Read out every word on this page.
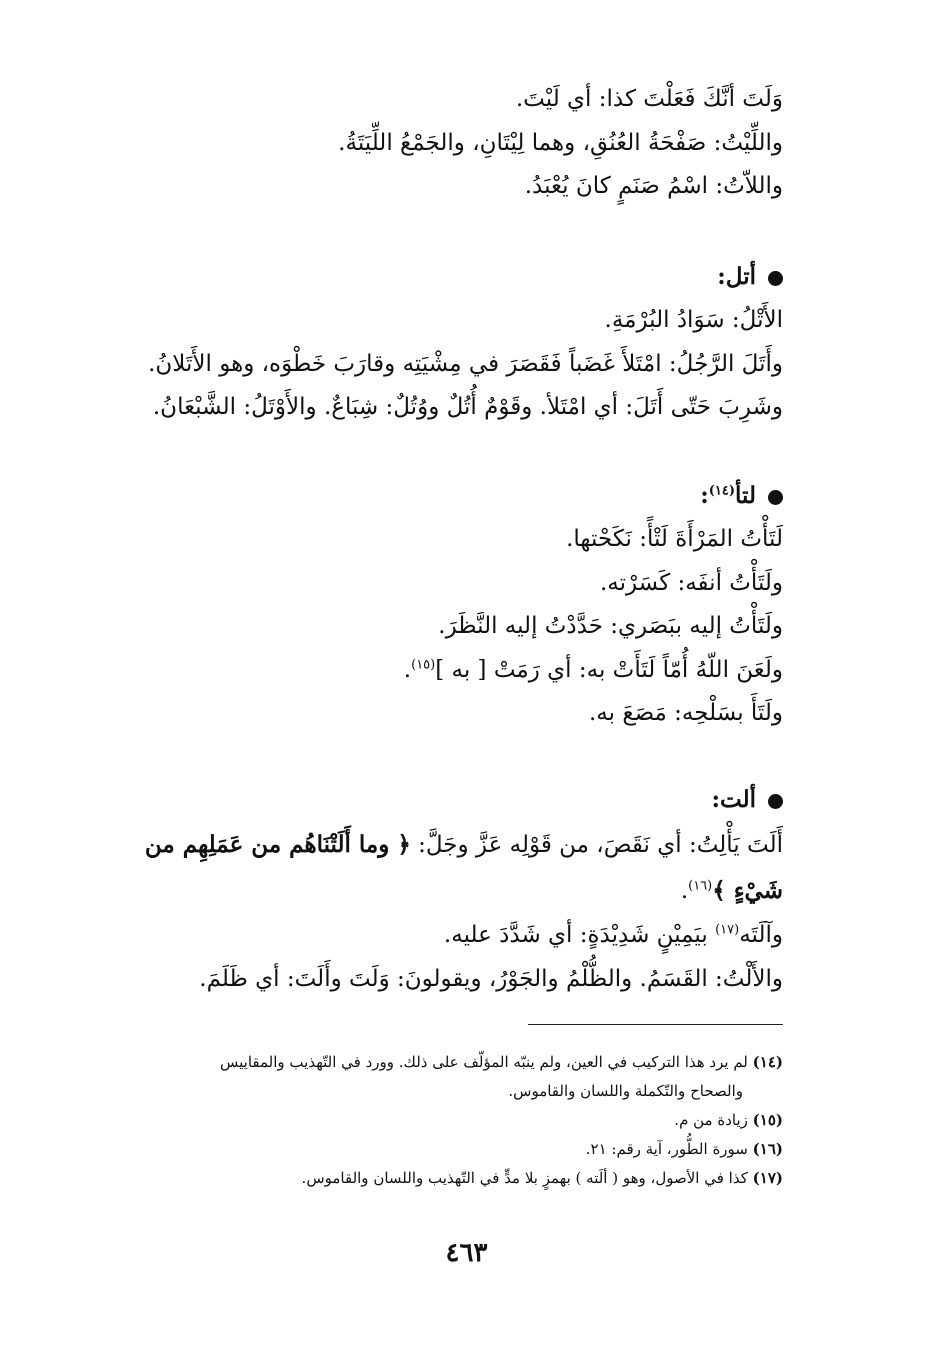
وَلَتَ أنَّكَ فَعَلْتَ كذا: أي لَيْتَ.
واللِّيْتُ: صَفْحَةُ العُنُقِ، وهما لِيْتَانِ، والجَمْعُ اللِّيَتَةُ.
واللاّتُ: اسْمُ صَنَمٍ كانَ يُعْبَدُ.
أتل:
الأَتْلُ: سَوَادُ البُرْمَةِ.
وأَتَلَ الرَّجُلُ: امْتَلأَ غَضَباً فَقَصَرَ في مِشْيَتِه وقارَبَ خَطْوَه، وهو الأَتَلانُ.
وشَرِبَ حَتّى أَتَلَ: أي امْتَلأ. وقَوْمٌ أُتُلٌ ووُتُلٌ: شِبَاعٌ. والأَوْتَلُ: الشَّبْعَانُ.
لتأ$^{(١٤)}$:
لَتَأْتُ المَرْأَةَ لَتْأً: نَكَحْتها.
ولَتَأْتُ أنفَه: كَسَرْته.
ولَتَأْتُ إليه ببَصَري: حَدَّدْتُ إليه النَّظَرَ.
ولَعَنَ اللّهُ أُمّاً لَتَأَتْ به: أي رَمَتْ [ به ]$^{(١٥)}$.
ولَتَأَ بسَلْحِه: مَصَعَ به.
ألت:
أَلَتَ يَأْلِتُ: أي نَقَصَ، من قَوْلِه عَزَّ وجَلَّ: ﴿ وما أَلَتْنَاهُم من عَمَلِهِم من شَيْءٍ ﴾$^{(١٦)}$.
وآلَتَه$^{(١٧)}$ بيَمِيْنٍ شَدِيْدَةٍ: أي شَدَّدَ عليه.
والأَلْتُ: القَسَمُ. والظُّلْمُ والجَوْرُ، ويقولونَ: وَلَتَ وأَلَتَ: أي ظَلَمَ.
(١٤) لم يرد هذا التركيب في العين، ولم ينبّه المؤلّف على ذلك. وورد في التّهذيب والمقاييس
والصحاح والتّكملة واللسان والقاموس.
(١٥) زيادة من م.
(١٦) سورة الطُّور، آية رقم: ٢١.
(١٧) كذا في الأصول، وهو ( ألَته ) بهمزٍ بلا مدٍّ في التّهذيب واللسان والقاموس.
٤٦٣
